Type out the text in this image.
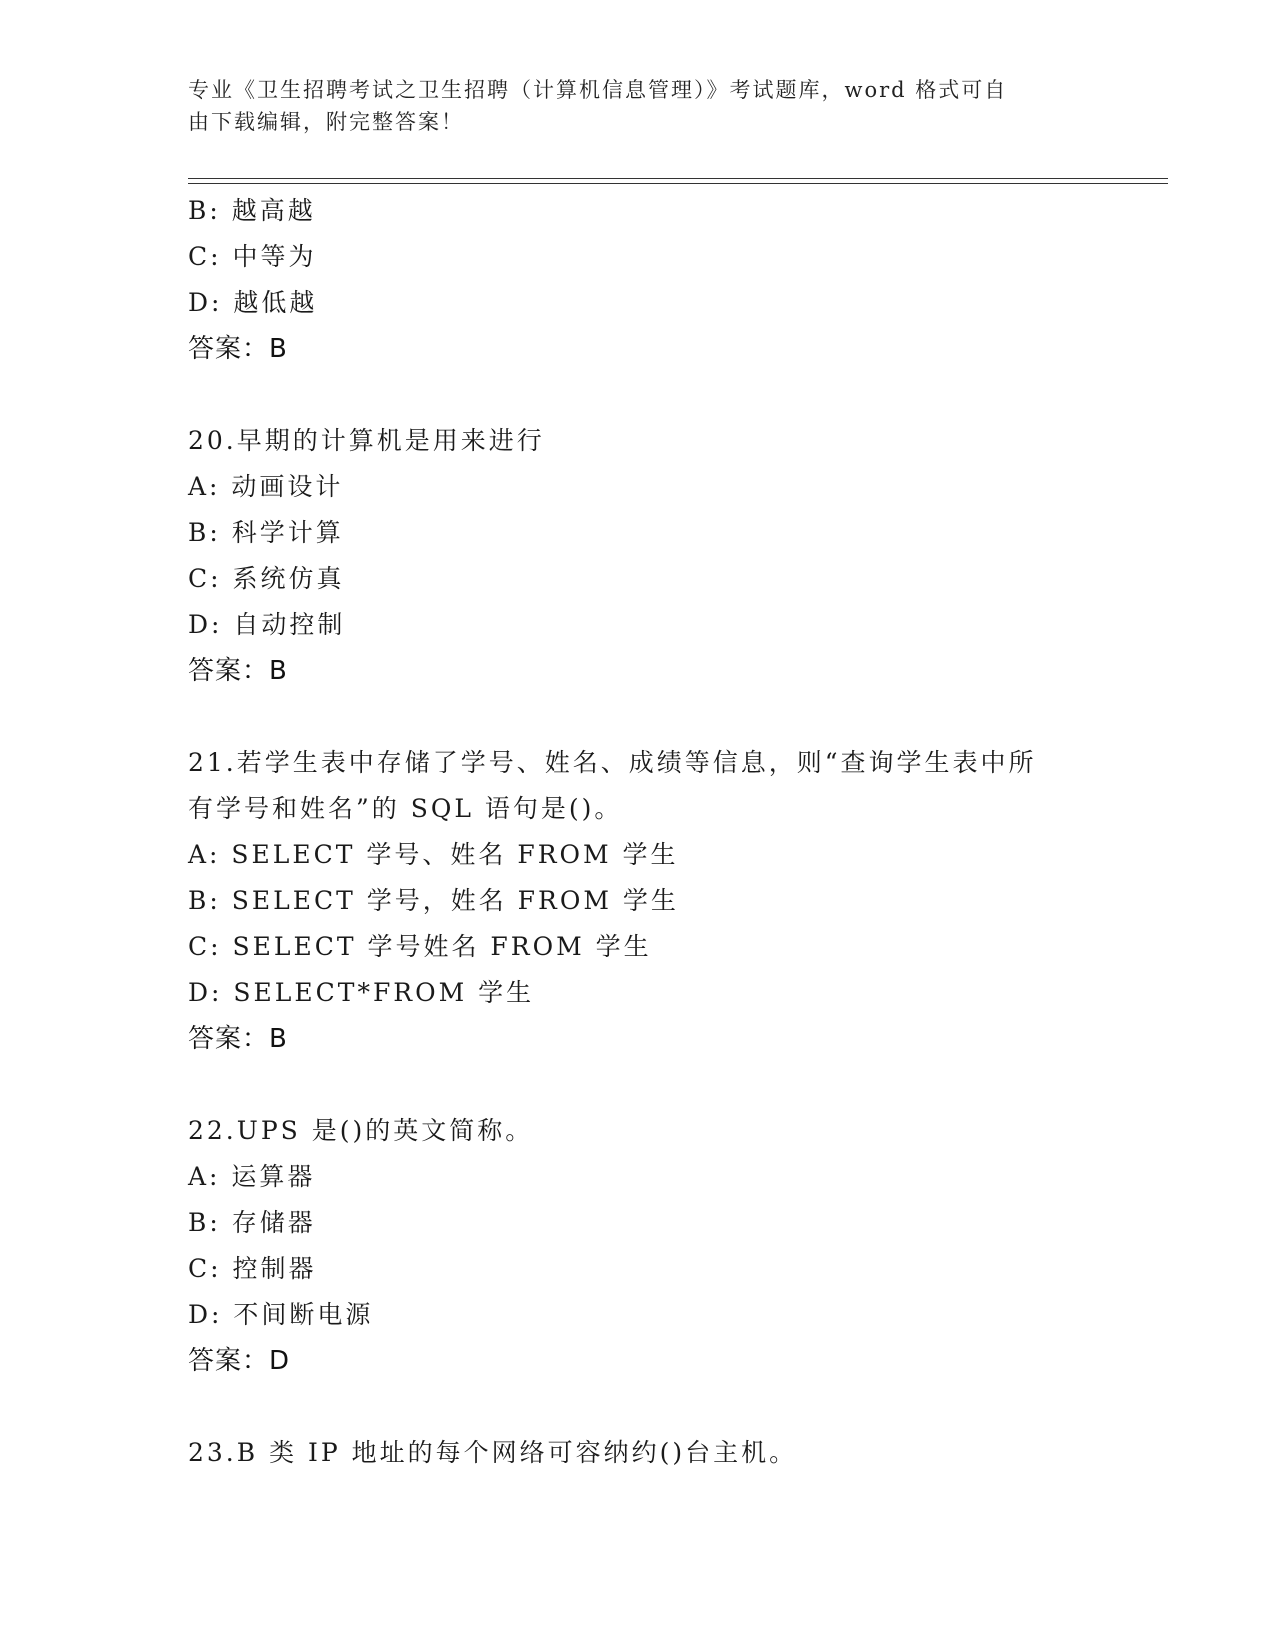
专业《卫生招聘考试之卫生招聘（计算机信息管理）》考试题库，word 格式可自
由下载编辑，附完整答案！
B: 越高越
C: 中等为
D: 越低越
答案：B
20.早期的计算机是用来进行
A: 动画设计
B: 科学计算
C: 系统仿真
D: 自动控制
答案：B
21.若学生表中存储了学号、姓名、成绩等信息，则“查询学生表中所
有学号和姓名”的 SQL 语句是()。
A: SELECT 学号、姓名 FROM 学生
B: SELECT 学号，姓名 FROM 学生
C: SELECT 学号姓名 FROM 学生
D: SELECT*FROM 学生
答案：B
22.UPS 是()的英文简称。
A: 运算器
B: 存储器
C: 控制器
D: 不间断电源
答案：D
23.B 类 IP 地址的每个网络可容纳约()台主机。
